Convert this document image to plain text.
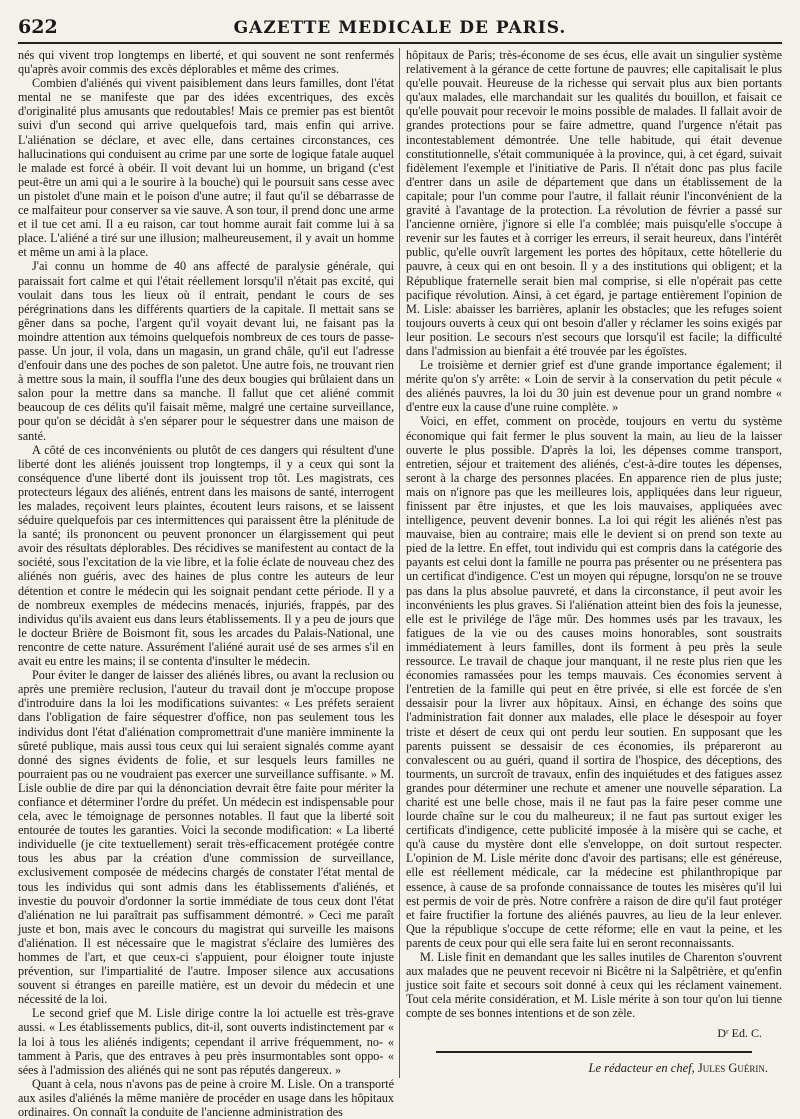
622	GAZETTE MEDICALE DE PARIS.

nés qui vivent trop longtemps en liberté, et qui souvent ne sont renfermés qu'après avoir commis des excès déplorables et même des crimes.

Combien d'aliénés qui vivent paisiblement dans leurs familles, dont l'état mental ne se manifeste que par des idées excentriques, des excès d'originalité plus amusants que redoutables! Mais ce premier pas est bientôt suivi d'un second qui arrive quelquefois tard, mais enfin qui arrive. L'aliénation se déclare, et avec elle, dans certaines circonstances, ces hallucinations qui conduisent au crime par une sorte de logique fatale auquel le malade est forcé à obéir. Il voit devant lui un homme, un brigand (c'est peut-être un ami qui a le sourire à la bouche) qui le poursuit sans cesse avec un pistolet d'une main et le poison d'une autre; il faut qu'il se débarrasse de ce malfaiteur pour conserver sa vie sauve. A son tour, il prend donc une arme et il tue cet ami. Il a eu raison, car tout homme aurait fait comme lui à sa place. L'aliéné a tiré sur une illusion; malheureusement, il y avait un homme et même un ami à la place.

J'ai connu un homme de 40 ans affecté de paralysie générale, qui paraissait fort calme et qui l'était réellement lorsqu'il n'était pas excité, qui voulait dans tous les lieux où il entrait, pendant le cours de ses pérégrinations dans les différents quartiers de la capitale. Il mettait sans se gêner dans sa poche, l'argent qu'il voyait devant lui, ne faisant pas la moindre attention aux témoins quelquefois nombreux de ces tours de passe-passe. Un jour, il vola, dans un magasin, un grand châle, qu'il eut l'adresse d'enfouir dans une des poches de son paletot. Une autre fois, ne trouvant rien à mettre sous la main, il souffla l'une des deux bougies qui brûlaient dans un salon pour la mettre dans sa manche. Il fallut que cet aliéné commit beaucoup de ces délits qu'il faisait même, malgré une certaine surveillance, pour qu'on se décidât à s'en séparer pour le séquestrer dans une maison de santé.

A côté de ces inconvénients ou plutôt de ces dangers qui résultent d'une liberté dont les aliénés jouissent trop longtemps, il y a ceux qui sont la conséquence d'une liberté dont ils jouissent trop tôt. Les magistrats, ces protecteurs légaux des aliénés, entrent dans les maisons de santé, interrogent les malades, reçoivent leurs plaintes, écoutent leurs raisons, et se laissent séduire quelquefois par ces intermittences qui paraissent être la plénitude de la santé; ils prononcent ou peuvent prononcer un élargissement qui peut avoir des résultats déplorables. Des récidives se manifestent au contact de la société, sous l'excitation de la vie libre, et la folie éclate de nouveau chez des aliénés non guéris, avec des haines de plus contre les auteurs de leur détention et contre le médecin qui les soignait pendant cette période. Il y a de nombreux exemples de médecins menacés, injuriés, frappés, par des individus qu'ils avaient eus dans leurs établissements. Il y a peu de jours que le docteur Brière de Boismont fit, sous les arcades du Palais-National, une rencontre de cette nature. Assurément l'aliéné aurait usé de ses armes s'il en avait eu entre les mains; il se contenta d'insulter le médecin.

Pour éviter le danger de laisser des aliénés libres, ou avant la reclusion ou après une première reclusion, l'auteur du travail dont je m'occupe propose d'introduire dans la loi les modifications suivantes: « Les préfets seraient dans l'obligation de faire séquestrer d'office, non pas seulement tous les individus dont l'état d'aliénation compromettrait d'une manière imminente la sûreté publique, mais aussi tous ceux qui lui seraient signalés comme ayant donné des signes évidents de folie, et sur lesquels leurs familles ne pourraient pas ou ne voudraient pas exercer une surveillance suffisante. » M. Lisle oublie de dire par qui la dénonciation devrait être faite pour mériter la confiance et déterminer l'ordre du préfet. Un médecin est indispensable pour cela, avec le témoignage de personnes notables. Il faut que la liberté soit entourée de toutes les garanties. Voici la seconde modification: « La liberté individuelle (je cite textuellement) serait très-efficacement protégée contre tous les abus par la création d'une commission de surveillance, exclusivement composée de médecins chargés de constater l'état mental de tous les individus qui sont admis dans les établissements d'aliénés, et investie du pouvoir d'ordonner la sortie immédiate de tous ceux dont l'état d'aliénation ne lui paraîtrait pas suffisamment démontré. » Ceci me paraît juste et bon, mais avec le concours du magistrat qui surveille les maisons d'aliénation. Il est nécessaire que le magistrat s'éclaire des lumières des hommes de l'art, et que ceux-ci s'appuient, pour éloigner toute injuste prévention, sur l'impartialité de l'autre. Imposer silence aux accusations souvent si étranges en pareille matière, est un devoir du médecin et une nécessité de la loi.

Le second grief que M. Lisle dirige contre la loi actuelle est très-grave aussi. « Les établissements publics, dit-il, sont ouverts indistinctement par « la loi à tous les aliénés indigents; cependant il arrive fréquemment, no- « tamment à Paris, que des entraves à peu près insurmontables sont oppo- « sées à l'admission des aliénés qui ne sont pas réputés dangereux. »

Quant à cela, nous n'avons pas de peine à croire M. Lisle. On a transporté aux asiles d'aliénés la même manière de procéder en usage dans les hôpitaux ordinaires. On connaît la conduite de l'ancienne administration des

hôpitaux de Paris; très-économe de ses écus, elle avait un singulier système relativement à la gérance de cette fortune de pauvres; elle capitalisait le plus qu'elle pouvait. Heureuse de la richesse qui servait plus aux bien portants qu'aux malades, elle marchandait sur les qualités du bouillon, et faisait ce qu'elle pouvait pour recevoir le moins possible de malades. Il fallait avoir de grandes protections pour se faire admettre, quand l'urgence n'était pas incontestablement démontrée. Une telle habitude, qui était devenue constitutionnelle, s'était communiquée à la province, qui, à cet égard, suivait fidèlement l'exemple et l'initiative de Paris. Il n'était donc pas plus facile d'entrer dans un asile de département que dans un établissement de la capitale; pour l'un comme pour l'autre, il fallait réunir l'inconvénient de la gravité à l'avantage de la protection. La révolution de février a passé sur l'ancienne ornière, j'ignore si elle l'a comblée; mais puisqu'elle s'occupe à revenir sur les fautes et à corriger les erreurs, il serait heureux, dans l'intérêt public, qu'elle ouvrît largement les portes des hôpitaux, cette hôtellerie du pauvre, à ceux qui en ont besoin. Il y a des institutions qui obligent; et la République fraternelle serait bien mal comprise, si elle n'opérait pas cette pacifique révolution. Ainsi, à cet égard, je partage entièrement l'opinion de M. Lisle: abaisser les barrières, aplanir les obstacles; que les refuges soient toujours ouverts à ceux qui ont besoin d'aller y réclamer les soins exigés par leur position. Le secours n'est secours que lorsqu'il est facile; la difficulté dans l'admission au bienfait a été trouvée par les égoïstes.

Le troisième et dernier grief est d'une grande importance également; il mérite qu'on s'y arrête: « Loin de servir à la conservation du petit pécule « des aliénés pauvres, la loi du 30 juin est devenue pour un grand nombre « d'entre eux la cause d'une ruine complète. »

Voici, en effet, comment on procède, toujours en vertu du système économique qui fait fermer le plus souvent la main, au lieu de la laisser ouverte le plus possible. D'après la loi, les dépenses comme transport, entretien, séjour et traitement des aliénés, c'est-à-dire toutes les dépenses, seront à la charge des personnes placées. En apparence rien de plus juste; mais on n'ignore pas que les meilleures lois, appliquées dans leur rigueur, finissent par être injustes, et que les lois mauvaises, appliquées avec intelligence, peuvent devenir bonnes. La loi qui régit les aliénés n'est pas mauvaise, bien au contraire; mais elle le devient si on prend son texte au pied de la lettre. En effet, tout individu qui est compris dans la catégorie des payants est celui dont la famille ne pourra pas présenter ou ne présentera pas un certificat d'indigence. C'est un moyen qui répugne, lorsqu'on ne se trouve pas dans la plus absolue pauvreté, et dans la circonstance, il peut avoir les inconvénients les plus graves. Si l'aliénation atteint bien des fois la jeunesse, elle est le privilége de l'âge mûr. Des hommes usés par les travaux, les fatigues de la vie ou des causes moins honorables, sont soustraits immédiatement à leurs familles, dont ils forment à peu près la seule ressource. Le travail de chaque jour manquant, il ne reste plus rien que les économies ramassées pour les temps mauvais. Ces économies servent à l'entretien de la famille qui peut en être privée, si elle est forcée de s'en dessaisir pour la livrer aux hôpitaux. Ainsi, en échange des soins que l'administration fait donner aux malades, elle place le désespoir au foyer triste et désert de ceux qui ont perdu leur soutien. En supposant que les parents puissent se dessaisir de ces économies, ils prépareront au convalescent ou au guéri, quand il sortira de l'hospice, des déceptions, des tourments, un surcroît de travaux, enfin des inquiétudes et des fatigues assez grandes pour déterminer une rechute et amener une nouvelle séparation. La charité est une belle chose, mais il ne faut pas la faire peser comme une lourde chaîne sur le cou du malheureux; il ne faut pas surtout exiger les certificats d'indigence, cette publicité imposée à la misère qui se cache, et qu'à cause du mystère dont elle s'enveloppe, on doit surtout respecter. L'opinion de M. Lisle mérite donc d'avoir des partisans; elle est généreuse, elle est réellement médicale, car la médecine est philanthropique par essence, à cause de sa profonde connaissance de toutes les misères qu'il lui est permis de voir de près. Notre confrère a raison de dire qu'il faut protéger et faire fructifier la fortune des aliénés pauvres, au lieu de la leur enlever. Que la république s'occupe de cette réforme; elle en vaut la peine, et les parents de ceux pour qui elle sera faite lui en seront reconnaissants.

M. Lisle finit en demandant que les salles inutiles de Charenton s'ouvrent aux malades que ne peuvent recevoir ni Bicêtre ni la Salpêtrière, et qu'enfin justice soit faite et secours soit donné à ceux qui les réclament vainement. Tout cela mérite considération, et M. Lisle mérite à son tour qu'on lui tienne compte de ses bonnes intentions et de son zèle.

Dʳ Ed. C.
Le rédacteur en chef, Jules Guérin.
